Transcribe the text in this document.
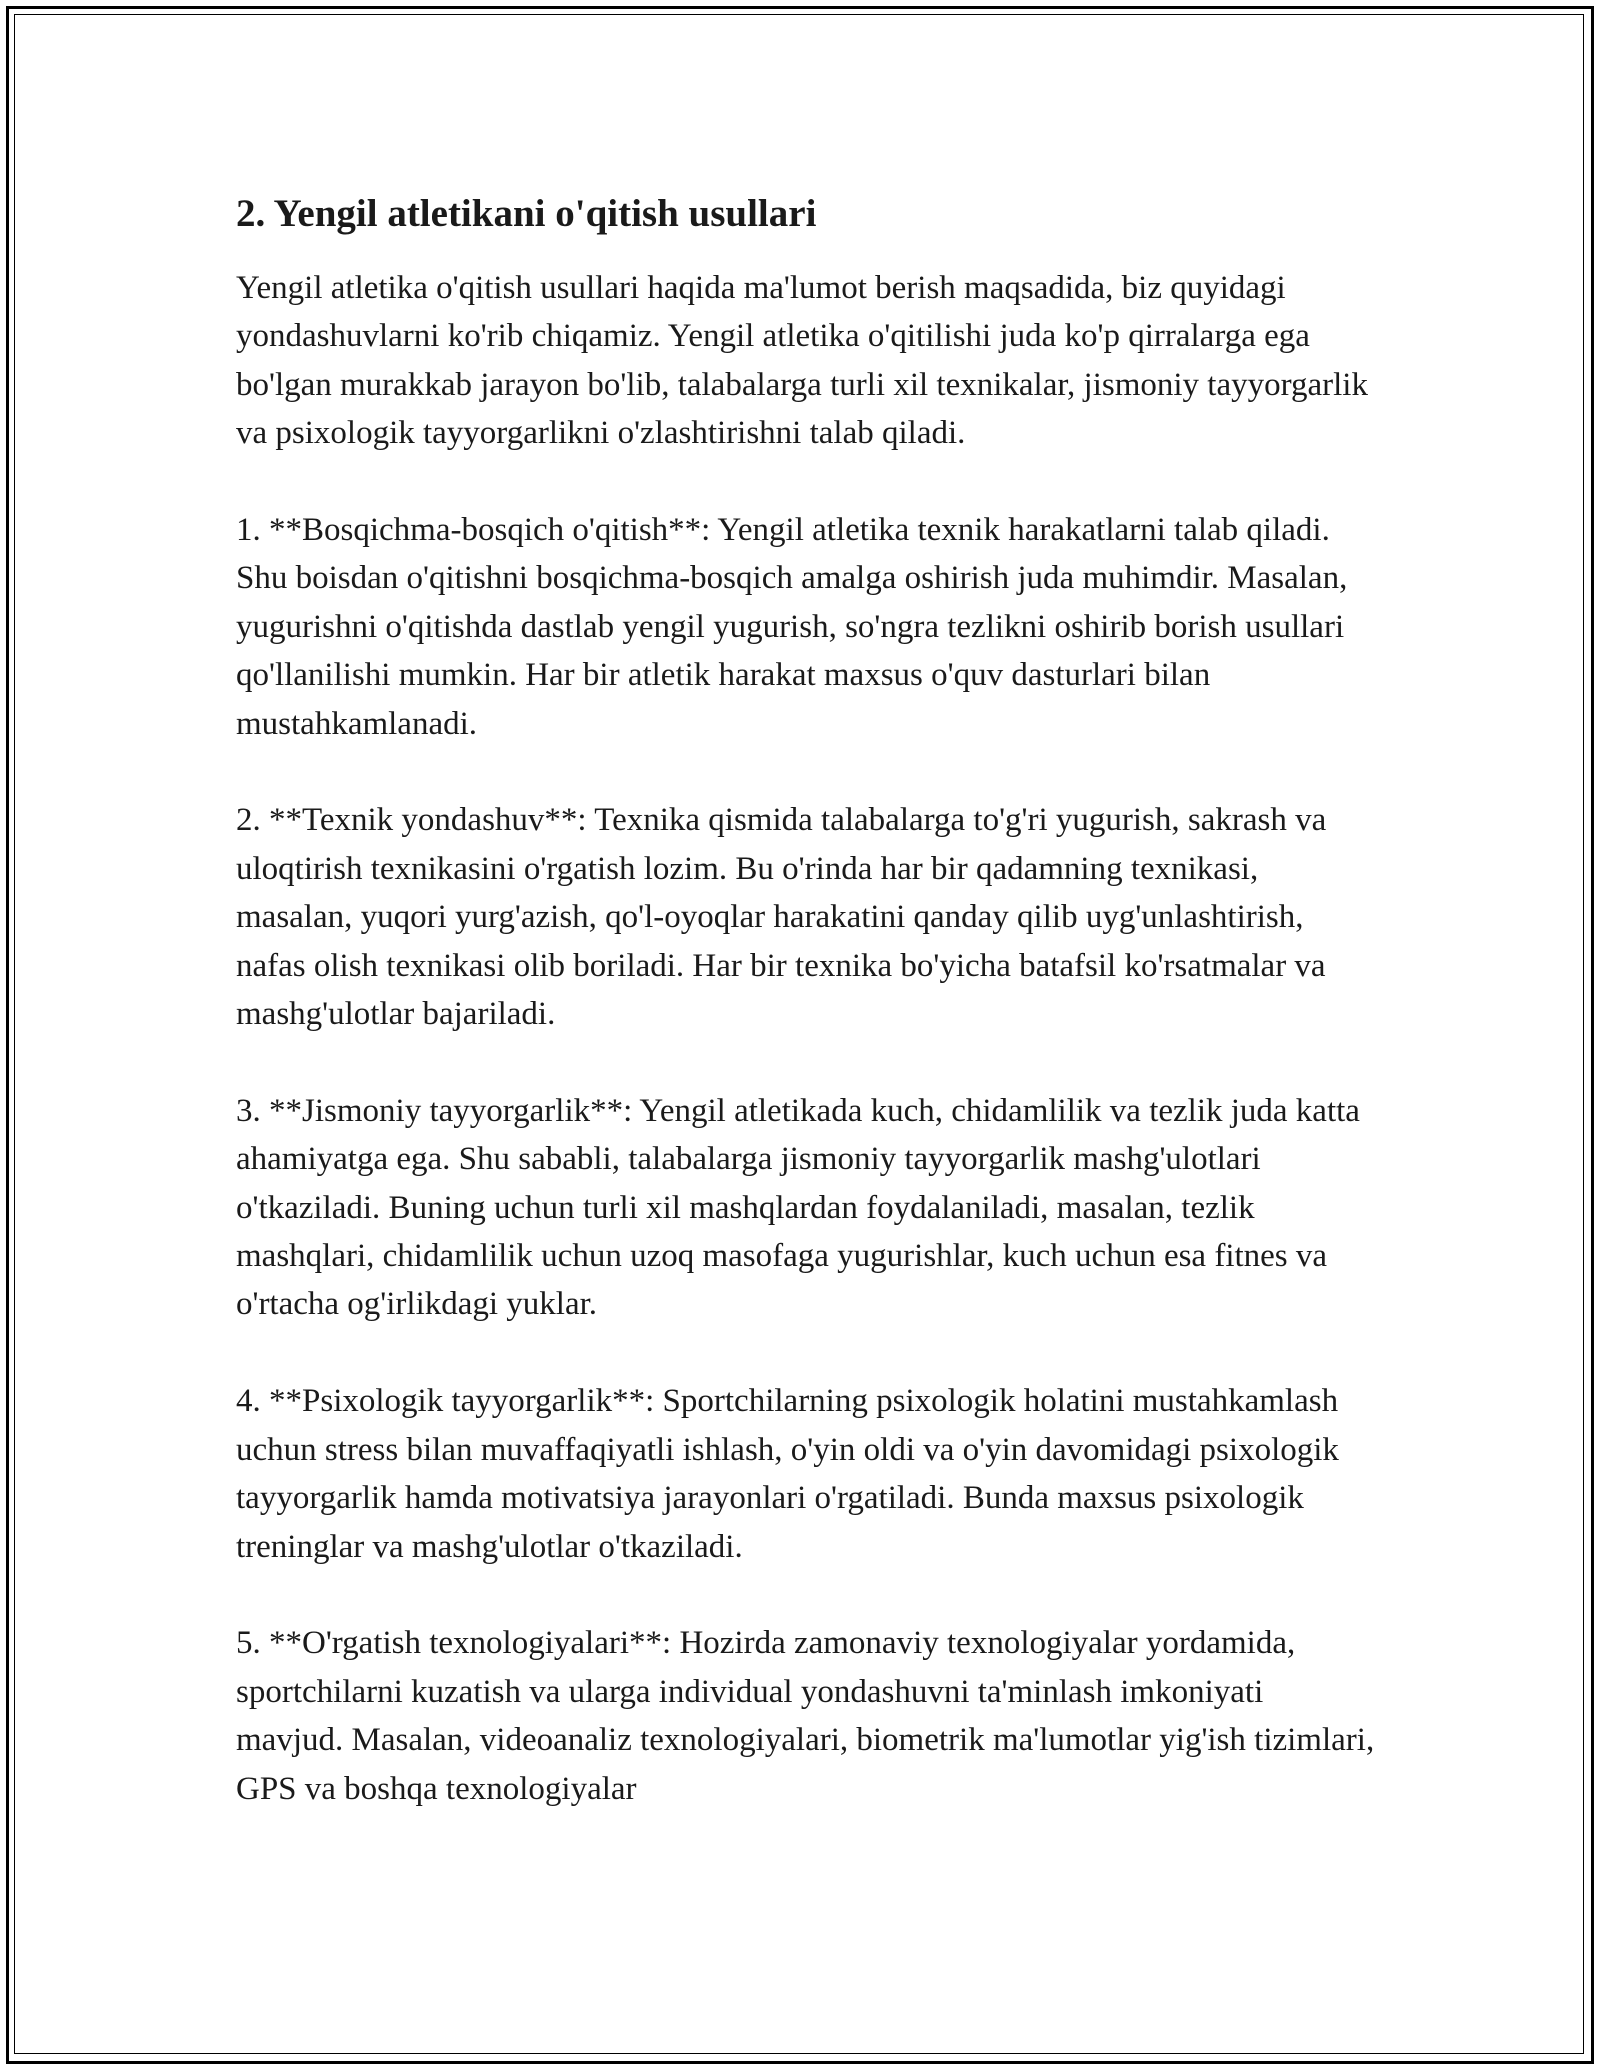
2. Yengil atletikani o'qitish usullari

Yengil atletika o'qitish usullari haqida ma'lumot berish maqsadida, biz quyidagi yondashuvlarni ko'rib chiqamiz. Yengil atletika o'qitilishi juda ko'p qirralarga ega bo'lgan murakkab jarayon bo'lib, talabalarga turli xil texnikalar, jismoniy tayyorgarlik va psixologik tayyorgarlikni o'zlashtirishni talab qiladi.

1. **Bosqichma-bosqich o'qitish**: Yengil atletika texnik harakatlarni talab qiladi. Shu boisdan o'qitishni bosqichma-bosqich amalga oshirish juda muhimdir. Masalan, yugurishni o'qitishda dastlab yengil yugurish, so'ngra tezlikni oshirib borish usullari qo'llanilishi mumkin. Har bir atletik harakat maxsus o'quv dasturlari bilan mustahkamlanadi.

2. **Texnik yondashuv**: Texnika qismida talabalarga to'g'ri yugurish, sakrash va uloqtirish texnikasini o'rgatish lozim. Bu o'rinda har bir qadamning texnikasi, masalan, yuqori yurg'azish, qo'l-oyoqlar harakatini qanday qilib uyg'unlashtirish, nafas olish texnikasi olib boriladi. Har bir texnika bo'yicha batafsil ko'rsatmalar va mashg'ulotlar bajariladi.

3. **Jismoniy tayyorgarlik**: Yengil atletikada kuch, chidamlilik va tezlik juda katta ahamiyatga ega. Shu sababli, talabalarga jismoniy tayyorgarlik mashg'ulotlari o'tkaziladi. Buning uchun turli xil mashqlardan foydalaniladi, masalan, tezlik mashqlari, chidamlilik uchun uzoq masofaga yugurishlar, kuch uchun esa fitnes va o'rtacha og'irlikdagi yuklar.

4. **Psixologik tayyorgarlik**: Sportchilarning psixologik holatini mustahkamlash uchun stress bilan muvaffaqiyatli ishlash, o'yin oldi va o'yin davomidagi psixologik tayyorgarlik hamda motivatsiya jarayonlari o'rgatiladi. Bunda maxsus psixologik treninglar va mashg'ulotlar o'tkaziladi.

5. **O'rgatish texnologiyalari**: Hozirda zamonaviy texnologiyalar yordamida, sportchilarni kuzatish va ularga individual yondashuvni ta'minlash imkoniyati mavjud. Masalan, videoanaliz texnologiyalari, biometrik ma'lumotlar yig'ish tizimlari, GPS va boshqa texnologiyalar
